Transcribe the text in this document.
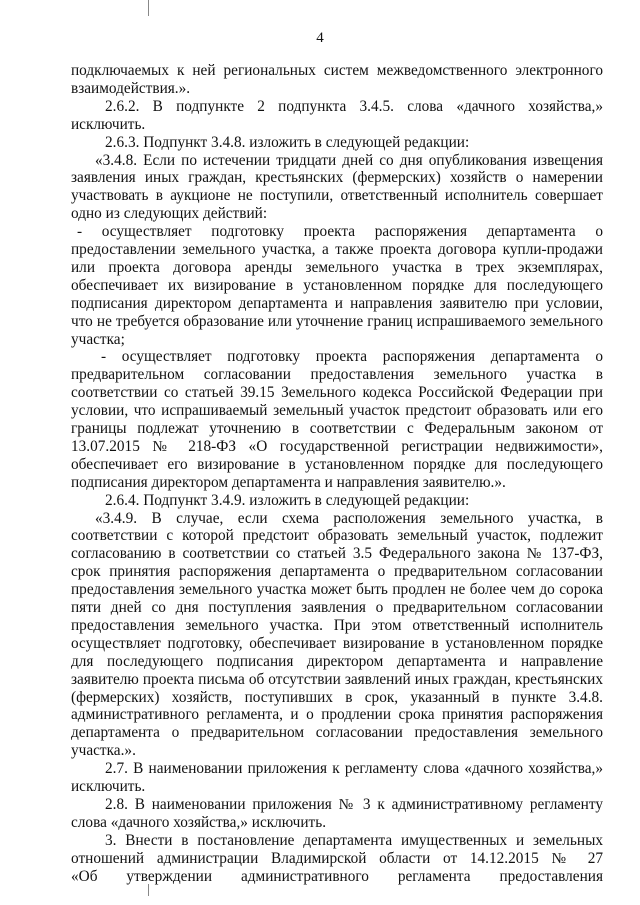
4
подключаемых к ней региональных систем межведомственного электронного
взаимодействия.».
2.6.2. В подпункте 2 подпункта 3.4.5. слова «дачного хозяйства,»
исключить.
2.6.3. Подпункт 3.4.8. изложить в следующей редакции:
«3.4.8. Если по истечении тридцати дней со дня опубликования извещения
заявления иных граждан, крестьянских (фермерских) хозяйств о намерении
участвовать в аукционе не поступили, ответственный исполнитель совершает
одно из следующих действий:
- осуществляет подготовку проекта распоряжения департамента о
предоставлении земельного участка, а также проекта договора купли-продажи
или проекта договора аренды земельного участка в трех экземплярах,
обеспечивает их визирование в установленном порядке для последующего
подписания директором департамента и направления заявителю при условии,
что не требуется образование или уточнение границ испрашиваемого земельного
участка;
- осуществляет подготовку проекта распоряжения департамента о
предварительном согласовании предоставления земельного участка в
соответствии со статьей 39.15 Земельного кодекса Российской Федерации при
условии, что испрашиваемый земельный участок предстоит образовать или его
границы подлежат уточнению в соответствии с Федеральным законом от
13.07.2015 № 218-ФЗ «О государственной регистрации недвижимости»,
обеспечивает его визирование в установленном порядке для последующего
подписания директором департамента и направления заявителю.».
2.6.4. Подпункт 3.4.9. изложить в следующей редакции:
«3.4.9. В случае, если схема расположения земельного участка, в
соответствии с которой предстоит образовать земельный участок, подлежит
согласованию в соответствии со статьей 3.5 Федерального закона № 137-ФЗ,
срок принятия распоряжения департамента о предварительном согласовании
предоставления земельного участка может быть продлен не более чем до сорока
пяти дней со дня поступления заявления о предварительном согласовании
предоставления земельного участка. При этом ответственный исполнитель
осуществляет подготовку, обеспечивает визирование в установленном порядке
для последующего подписания директором департамента и направление
заявителю проекта письма об отсутствии заявлений иных граждан, крестьянских
(фермерских) хозяйств, поступивших в срок, указанный в пункте 3.4.8.
административного регламента, и о продлении срока принятия распоряжения
департамента о предварительном согласовании предоставления земельного
участка.».
2.7. В наименовании приложения к регламенту слова «дачного хозяйства,»
исключить.
2.8. В наименовании приложения № 3 к административному регламенту
слова «дачного хозяйства,» исключить.
3. Внести в постановление департамента имущественных и земельных
отношений администрации Владимирской области от 14.12.2015 № 27
«Об утверждении административного регламента предоставления
